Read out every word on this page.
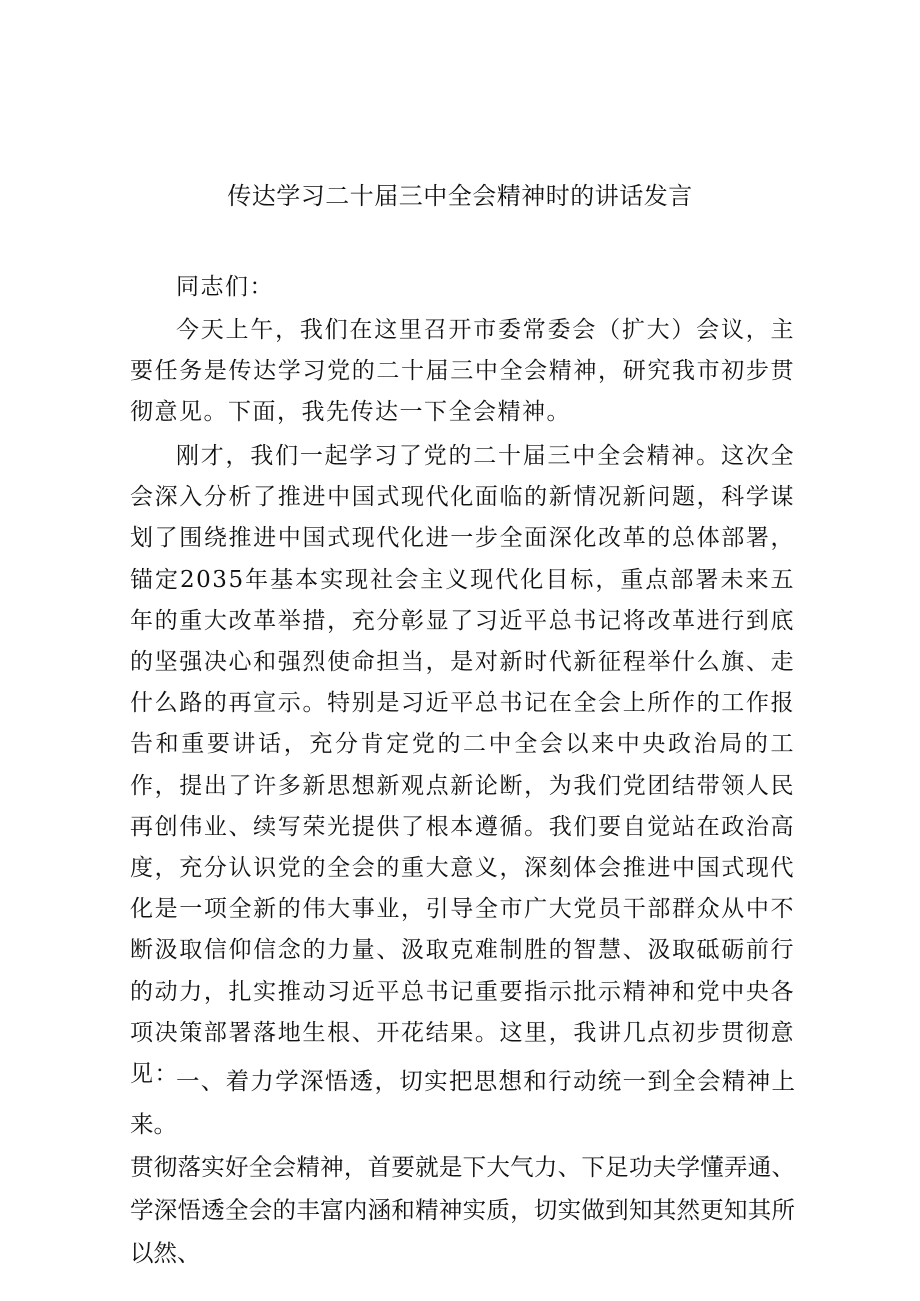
传达学习二十届三中全会精神时的讲话发言

同志们：

今天上午，我们在这里召开市委常委会（扩大）会议，主要任务是传达学习党的二十届三中全会精神，研究我市初步贯彻意见。下面，我先传达一下全会精神。

刚才，我们一起学习了党的二十届三中全会精神。这次全会深入分析了推进中国式现代化面临的新情况新问题，科学谋划了围绕推进中国式现代化进一步全面深化改革的总体部署，锚定2035年基本实现社会主义现代化目标，重点部署未来五年的重大改革举措，充分彰显了习近平总书记将改革进行到底的坚强决心和强烈使命担当，是对新时代新征程举什么旗、走什么路的再宣示。特别是习近平总书记在全会上所作的工作报告和重要讲话，充分肯定党的二中全会以来中央政治局的工作，提出了许多新思想新观点新论断，为我们党团结带领人民再创伟业、续写荣光提供了根本遵循。我们要自觉站在政治高度，充分认识党的全会的重大意义，深刻体会推进中国式现代化是一项全新的伟大事业，引导全市广大党员干部群众从中不断汲取信仰信念的力量、汲取克难制胜的智慧、汲取砥砺前行的动力，扎实推动习近平总书记重要指示批示精神和党中央各项决策部署落地生根、开花结果。这里，我讲几点初步贯彻意见：

一、着力学深悟透，切实把思想和行动统一到全会精神上来。
贯彻落实好全会精神，首要就是下大气力、下足功夫学懂弄通、学深悟透全会的丰富内涵和精神实质，切实做到知其然更知其所以然、
